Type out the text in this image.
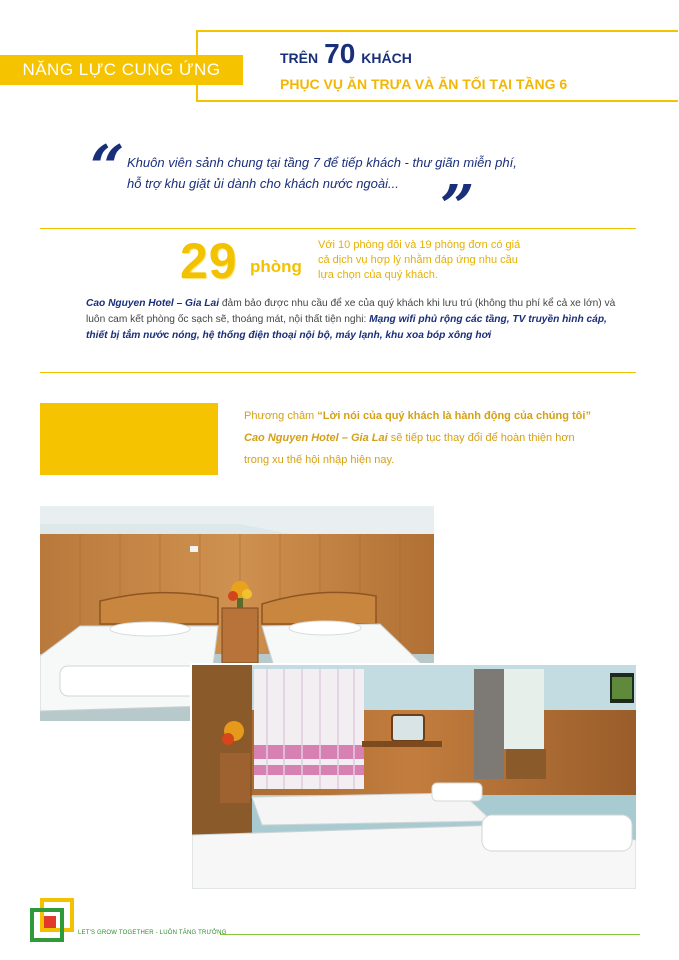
NĂNG LỰC CUNG ỨNG
TRÊN 70 KHÁCH
PHỤC VỤ ĂN TRƯA VÀ ĂN TỐI TẠI TẦNG 6
“ Khuôn viên sảnh chung tại tầng 7 để tiếp khách - thư giãn miễn phí,
hỗ trợ khu giặt ủi dành cho khách nước ngoài... ”
29 phòng
Với 10 phòng đôi và 19 phòng đơn có giá
cả dịch vụ hợp lý nhằm đáp ứng nhu cầu
lựa chọn của quý khách.
Cao Nguyen Hotel – Gia Lai đảm bảo được nhu cầu để xe của quý khách khi lưu trú (không thu phí kể cả xe lớn) và luôn cam kết phòng ốc sạch sẽ, thoáng mát, nội thất tiện nghi: Mạng wifi phủ rộng các tầng, TV truyền hình cáp, thiết bị tắm nước nóng, hệ thống điện thoại nội bộ, máy lạnh, khu xoa bóp xông hơi
Phương châm “Lời nói của quý khách là hành động của chúng tôi”
Cao Nguyen Hotel – Gia Lai sẽ tiếp tục thay đổi để hoàn thiện hơn
trong xu thế hội nhập hiện nay.
LET'S GROW TOGETHER - LUÔN TĂNG TRƯỞNG
